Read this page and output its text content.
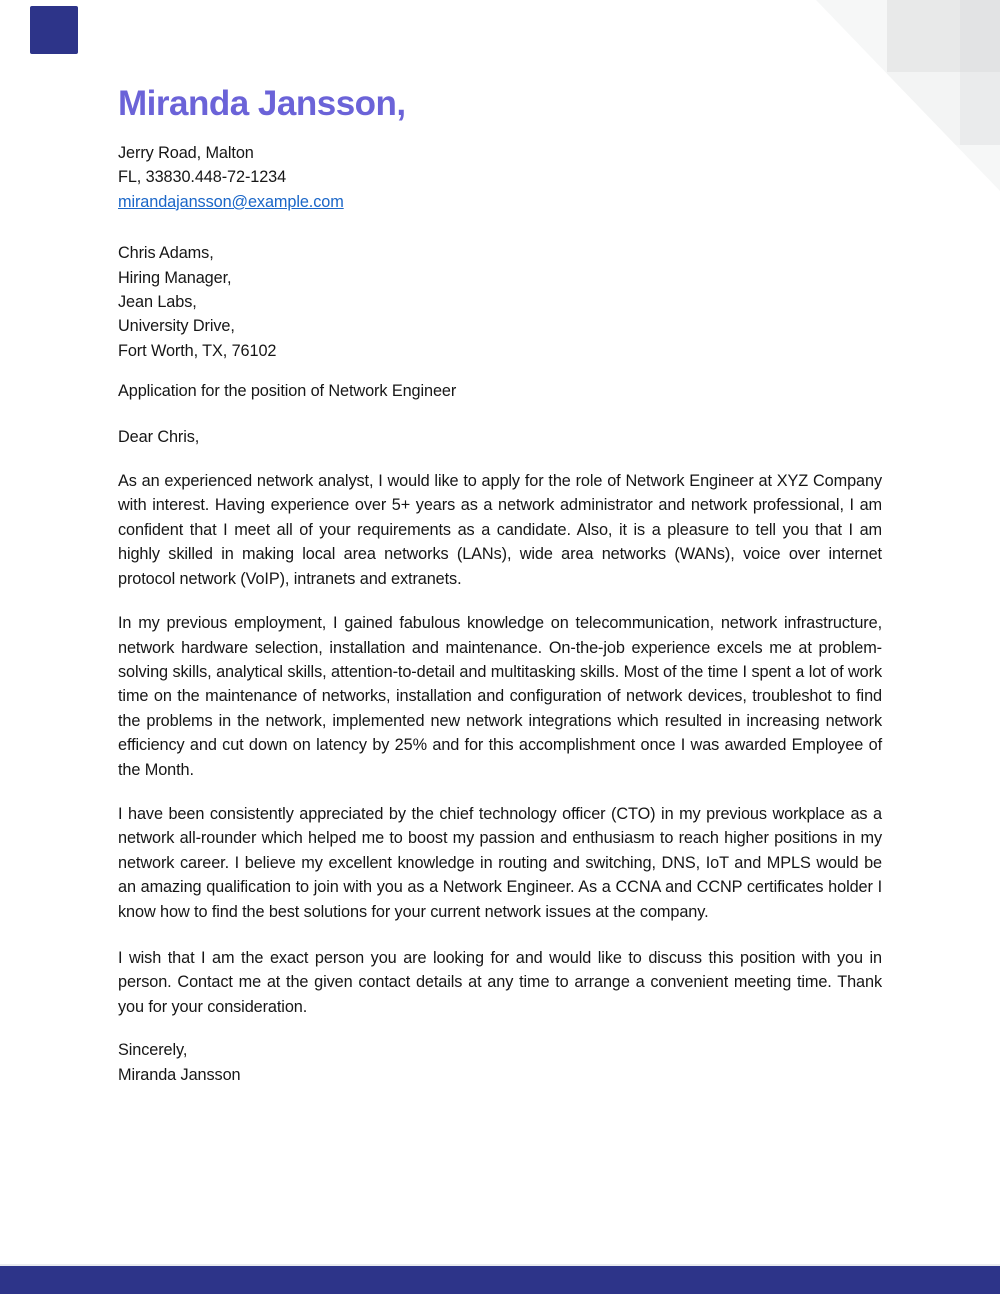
Miranda Jansson,
Jerry Road, Malton
FL, 33830.448-72-1234
mirandajansson@example.com
Chris Adams,
Hiring Manager,
Jean Labs,
University Drive,
Fort Worth, TX, 76102

Application for the position of Network Engineer

Dear Chris,

As an experienced network analyst, I would like to apply for the role of Network Engineer at XYZ Company with interest. Having experience over 5+ years as a network administrator and network professional, I am confident that I meet all of your requirements as a candidate. Also, it is a pleasure to tell you that I am highly skilled in making local area networks (LANs), wide area networks (WANs), voice over internet protocol network (VoIP), intranets and extranets.

In my previous employment, I gained fabulous knowledge on telecommunication, network infrastructure, network hardware selection, installation and maintenance. On-the-job experience excels me at problem-solving skills, analytical skills, attention-to-detail and multitasking skills. Most of the time I spent a lot of work time on the maintenance of networks, installation and configuration of network devices, troubleshot to find the problems in the network, implemented new network integrations which resulted in increasing network efficiency and cut down on latency by 25% and for this accomplishment once I was awarded Employee of the Month.

I have been consistently appreciated by the chief technology officer (CTO) in my previous workplace as a network all-rounder which helped me to boost my passion and enthusiasm to reach higher positions in my network career. I believe my excellent knowledge in routing and switching, DNS, IoT and MPLS would be an amazing qualification to join with you as a Network Engineer. As a CCNA and CCNP certificates holder I know how to find the best solutions for your current network issues at the company.

I wish that I am the exact person you are looking for and would like to discuss this position with you in person. Contact me at the given contact details at any time to arrange a convenient meeting time. Thank you for your consideration.

Sincerely,
Miranda Jansson
